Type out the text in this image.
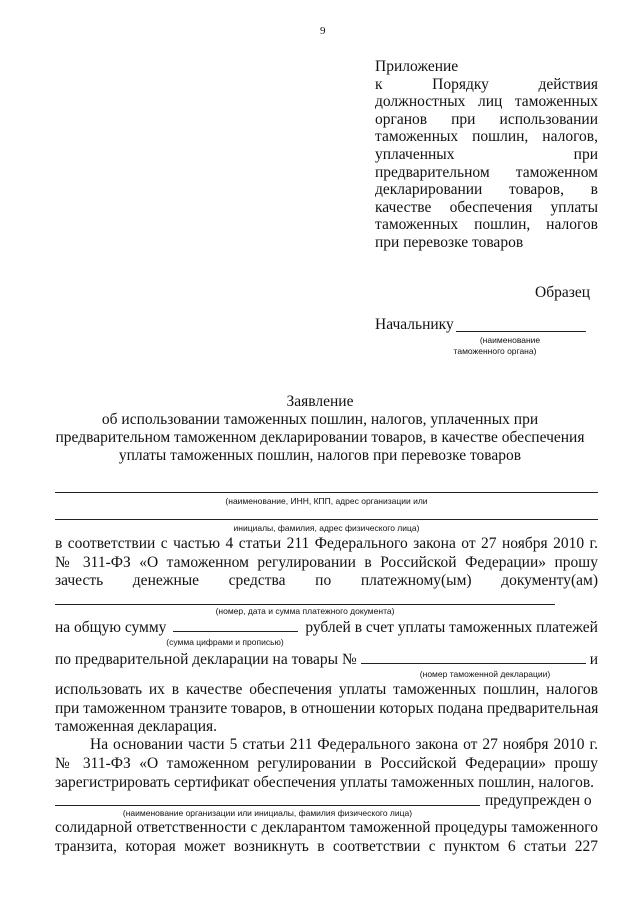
9
Приложение
к Порядку действия
должностных лиц таможенных
органов при использовании
таможенных пошлин, налогов,
уплаченных при
предварительном таможенном
декларировании товаров, в
качестве обеспечения уплаты
таможенных пошлин, налогов
при перевозке товаров
Образец
Начальнику
(наименование
таможенного органа)
Заявление
об использовании таможенных пошлин, налогов, уплаченных при
предварительном таможенном декларировании товаров, в качестве обеспечения
уплаты таможенных пошлин, налогов при перевозке товаров
(наименование, ИНН, КПП, адрес организации или
инициалы, фамилия, адрес физического лица)
в соответствии с частью 4 статьи 211 Федерального закона от 27 ноября 2010 г.
№ 311-ФЗ «О таможенном регулировании в Российской Федерации» прошу
зачесть денежные средства по платежному(ым) документу(ам)
(номер, дата и сумма платежного документа)
на общую сумму	рублей в счет уплаты таможенных платежей
(сумма цифрами и прописью)
по предварительной декларации на товары №	и
(номер таможенной декларации)
использовать их в качестве обеспечения уплаты таможенных пошлин, налогов
при таможенном транзите товаров, в отношении которых подана предварительная
таможенная декларация.
На основании части 5 статьи 211 Федерального закона от 27 ноября 2010 г.
№ 311-ФЗ «О таможенном регулировании в Российской Федерации» прошу
зарегистрировать сертификат обеспечения уплаты таможенных пошлин, налогов.
предупрежден о
(наименование организации или инициалы, фамилия физического лица)
солидарной ответственности с декларантом таможенной процедуры таможенного
транзита, которая может возникнуть в соответствии с пунктом 6 статьи 227
